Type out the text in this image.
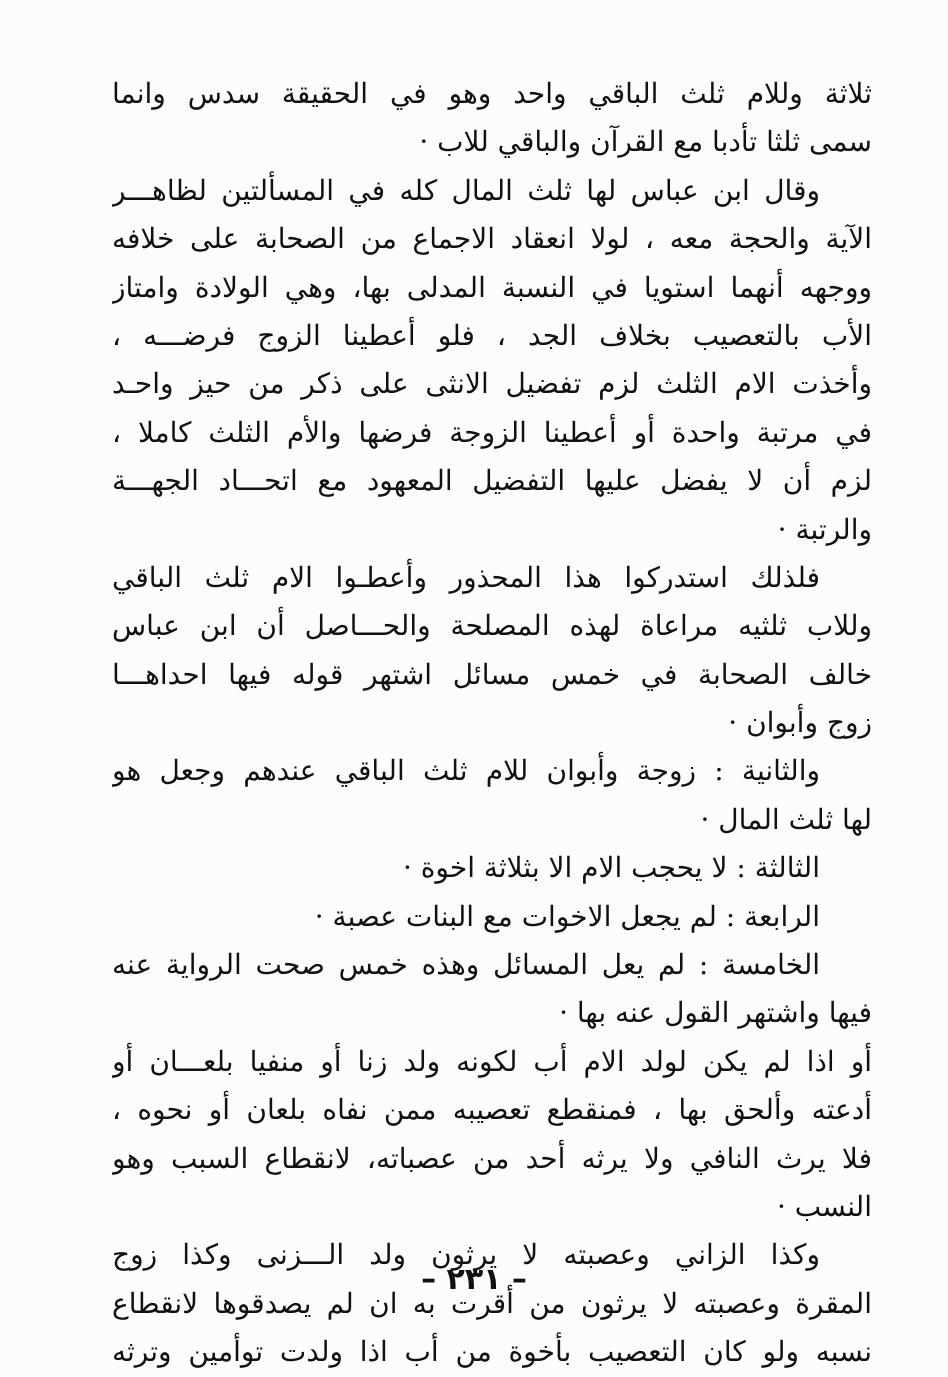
ثلاثة وللام ثلث الباقي واحد وهو في الحقيقة سدس وانما
سمى ثلثا تأدبا مع القرآن والباقي للاب ·
وقال ابن عباس لها ثلث المال كله في المسألتين لظاهـــر
الآية والحجة معه ، لولا انعقاد الاجماع من الصحابة على خلافه
ووجهه أنهما استويا في النسبة المدلى بها، وهي الولادة وامتاز
الأب بالتعصيب بخلاف الجد ، فلو أعطينا الزوج فرضـــه ،
وأخذت الام الثلث لزم تفضيل الانثى على ذكر من حيز واحـد
في مرتبة واحدة أو أعطينا الزوجة فرضها والأم الثلث كاملا ،
لزم أن لا يفضل عليها التفضيل المعهود مع اتحـــاد الجهـــة
والرتبة ·
فلذلك استدركوا هذا المحذور وأعطـوا الام ثلث الباقي
وللاب ثلثيه مراعاة لهذه المصلحة والحـــاصل أن ابن عباس
خالف الصحابة في خمس مسائل اشتهر قوله فيها احداهـــا
زوج وأبوان ·
والثانية : زوجة وأبوان للام ثلث الباقي عندهم وجعل هو
لها ثلث المال ·
الثالثة : لا يحجب الام الا بثلاثة اخوة ·
الرابعة : لم يجعل الاخوات مع البنات عصبة ·
الخامسة : لم يعل المسائل وهذه خمس صحت الرواية عنه
فيها واشتهر القول عنه بها ·
أو اذا لم يكن لولد الام أب لكونه ولد زنا أو منفيا بلعـــان أو
أدعته وألحق بها ، فمنقطع تعصيبه ممن نفاه بلعان أو نحوه ،
فلا يرث النافي ولا يرثه أحد من عصباته، لانقطاع السبب وهو
النسب ·
وكذا الزاني وعصبته لا يرثون ولد الـــزنى وكذا زوج
المقرة وعصبته لا يرثون من أقرت به ان لم يصدقوها لانقطاع
نسبه ولو كان التعصيب بأخوة من أب اذا ولدت توأمين وترثه
– ٢٣١ –
